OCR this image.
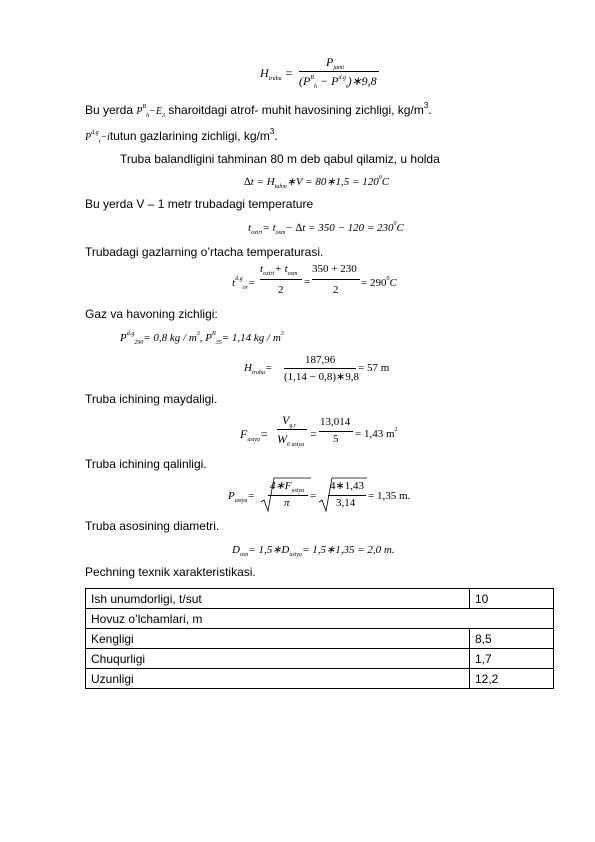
$H_{truba}$ =
$P_{jami}$
($P^B_h$ − $P^{d.g}_t)∗9,8$
Bu yerda $P^B_h-E_3$ sharoitdagi atrof- muhit havosining zichligi, $kg/m^3$.
$P^{d.g}_t-itutun$ gazlarining zichligi, $kg/m^3$.
Truba balandligini tahminan 80 m deb qabul qilamiz, u holda
$\Delta t = H_{tahm}∗V$ = 80∗1,5 = $120^0C$
Bu yerda V – 1 metr trubadagi temperature
$t_{oxiri}= t_{osm}- \Delta t = 350 - 120 = 230^0C$
Trubadagi gazlarning o’rtacha temperaturasi.
$t^{d.g}_{or}=$
$t_{oxiri}+ t_{osm}$
2
=
350 + 230
2
= $290^0C$
Gaz va havoning zichligi:
$P^{d.g}_{290}= 0,8$ kg / $m^3$, $P^B_{35}= 1,14$ kg / $m^3$
$H_{truba}=$
187,96
(1,14 − 0,8)∗9,8
= 57 m
Truba ichining maydaligi.
$F_{ustya}=$
$V_{g.r}$
$W_{6 ustya}$
=
13,014
5 = 1,43 $m^2$
Truba ichining qalinligi.
$P_{ustya}=$
$4∗F_{ustya}$
π
=
4∗1,43
3,14
= 1,35 m.
Truba asosining diametri.
$D_{osn}=$ $1,5∗D_{ustya}=$ 1,5∗1,35 = 2,0 m.
Pechning texnik xarakteristikasi.
Ish unumdorligi, t/sut	10
Hovuz o’lchamlari, m	
Kengligi	8,5
Chuqurligi	1,7
Uzunligi	12,2
